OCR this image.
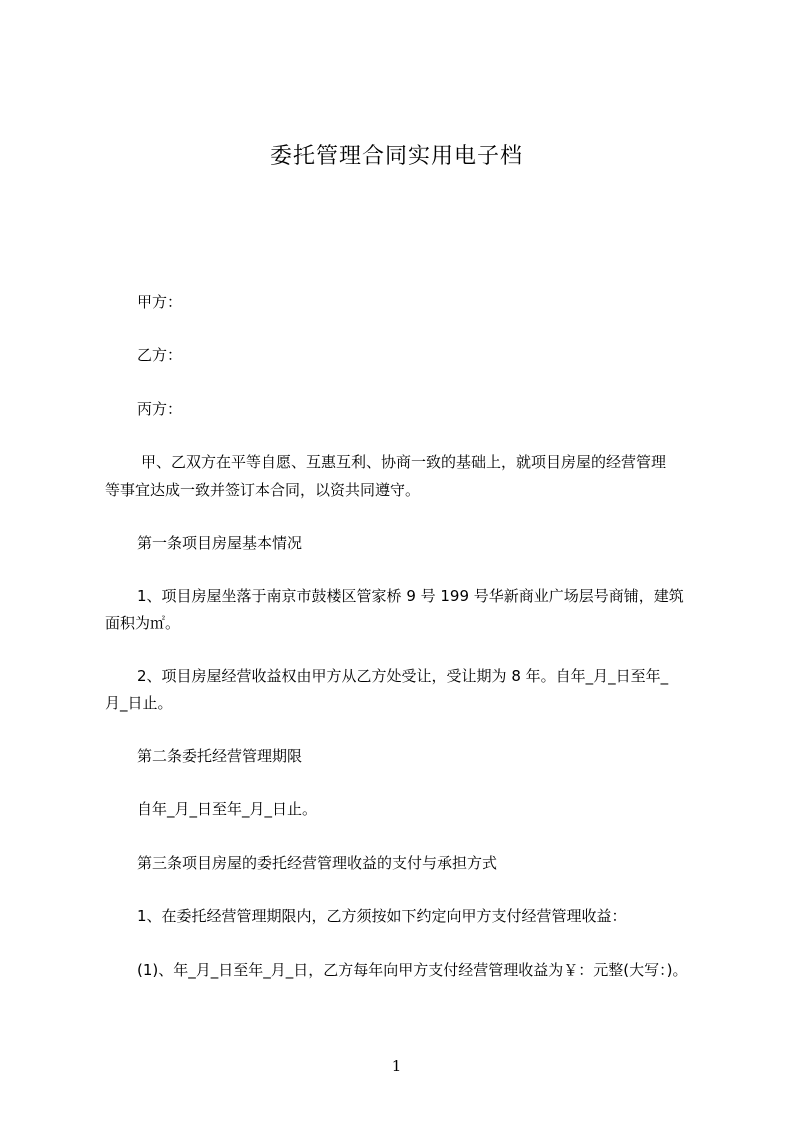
委托管理合同实用电子档
甲方：
乙方：
丙方：
甲、乙双方在平等自愿、互惠互利、协商一致的基础上，就项目房屋的经营管理
等事宜达成一致并签订本合同，以资共同遵守。
第一条项目房屋基本情况
1、项目房屋坐落于南京市鼓楼区管家桥 9 号 199 号华新商业广场层号商铺，建筑
面积为㎡。
2、项目房屋经营收益权由甲方从乙方处受让，受让期为 8 年。自年_月_日至年_
月_日止。
第二条委托经营管理期限
自年_月_日至年_月_日止。
第三条项目房屋的委托经营管理收益的支付与承担方式
1、在委托经营管理期限内，乙方须按如下约定向甲方支付经营管理收益：
(1)、年_月_日至年_月_日，乙方每年向甲方支付经营管理收益为￥：元整(大写：)。
1
